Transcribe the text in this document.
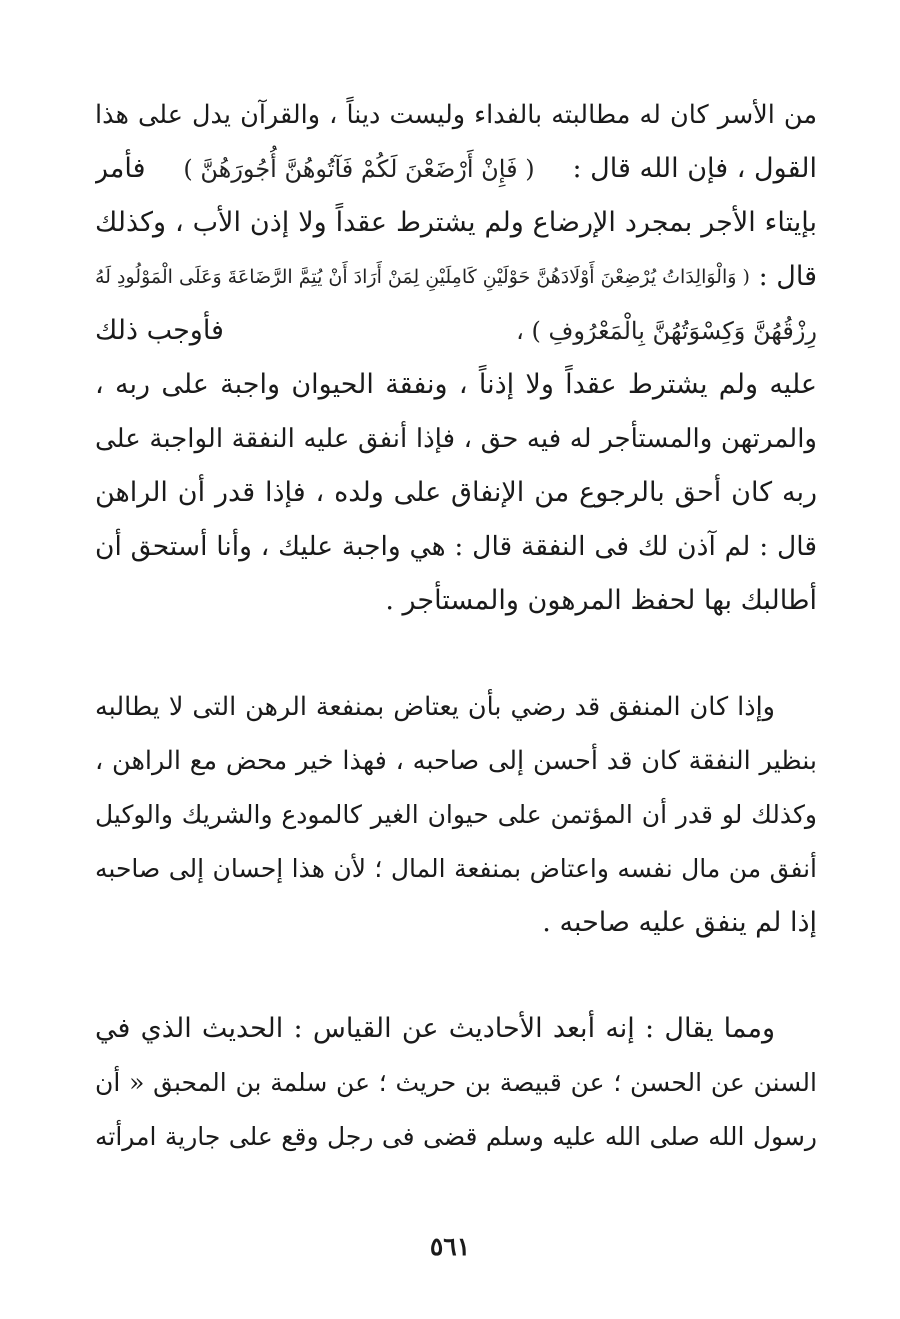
من الأسر كان له مطالبته بالفداء وليست ديناً ، والقرآن يدل على هذا
القول ، فإن الله قال :
( فَإِنْ أَرْضَعْنَ لَكُمْ فَآتُوهُنَّ أُجُورَهُنَّ )
فأمر
بإيتاء الأجر بمجرد الإرضاع ولم يشترط عقداً ولا إذن الأب ، وكذلك
قال :
( وَالْوَالِدَاتُ يُرْضِعْنَ أَوْلَادَهُنَّ حَوْلَيْنِ كَامِلَيْنِ لِمَنْ أَرَادَ أَنْ يُتِمَّ الرَّضَاعَةَ وَعَلَى الْمَوْلُودِ لَهُ
رِزْقُهُنَّ وَكِسْوَتُهُنَّ بِالْمَعْرُوفِ ) ،
فأوجب ذلك
عليه ولم يشترط عقداً ولا إذناً ، ونفقة الحيوان واجبة على ربه ،
والمرتهن والمستأجر له فيه حق ، فإذا أنفق عليه النفقة الواجبة على
ربه كان أحق بالرجوع من الإنفاق على ولده ، فإذا قدر أن الراهن
قال : لم آذن لك فى النفقة قال : هي واجبة عليك ، وأنا أستحق أن
أطالبك بها لحفظ المرهون والمستأجر .
وإذا كان المنفق قد رضي بأن يعتاض بمنفعة الرهن التى لا يطالبه
بنظير النفقة كان قد أحسن إلى صاحبه ، فهذا خير محض مع الراهن ،
وكذلك لو قدر أن المؤتمن على حيوان الغير كالمودع والشريك والوكيل
أنفق من مال نفسه واعتاض بمنفعة المال ؛ لأن هذا إحسان إلى صاحبه
إذا لم ينفق عليه صاحبه .
ومما يقال : إنه أبعد الأحاديث عن القياس : الحديث الذي في
السنن عن الحسن ؛ عن قبيصة بن حريث ؛ عن سلمة بن المحبق « أن
رسول الله صلى الله عليه وسلم قضى فى رجل وقع على جارية امرأته
٥٦١
